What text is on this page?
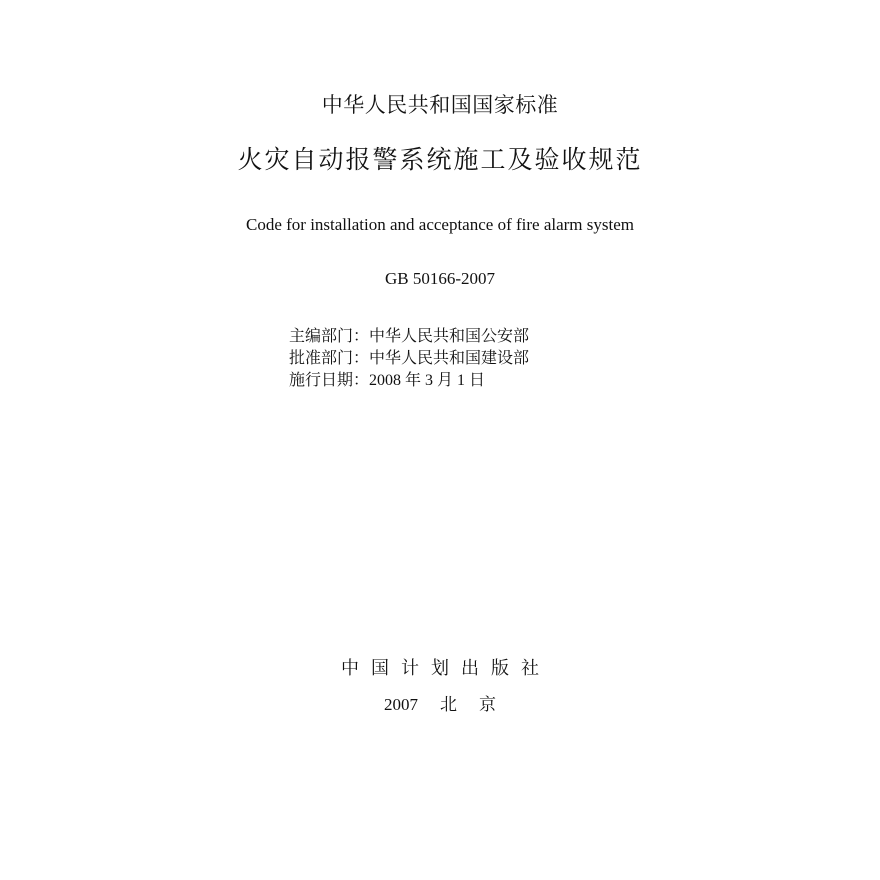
中华人民共和国国家标准
火灾自动报警系统施工及验收规范
Code for installation and acceptance of fire alarm system
GB 50166-2007
主编部门：中华人民共和国公安部
批准部门：中华人民共和国建设部
施行日期：2008 年 3 月 1 日
中国计划出版社
2007 北 京
